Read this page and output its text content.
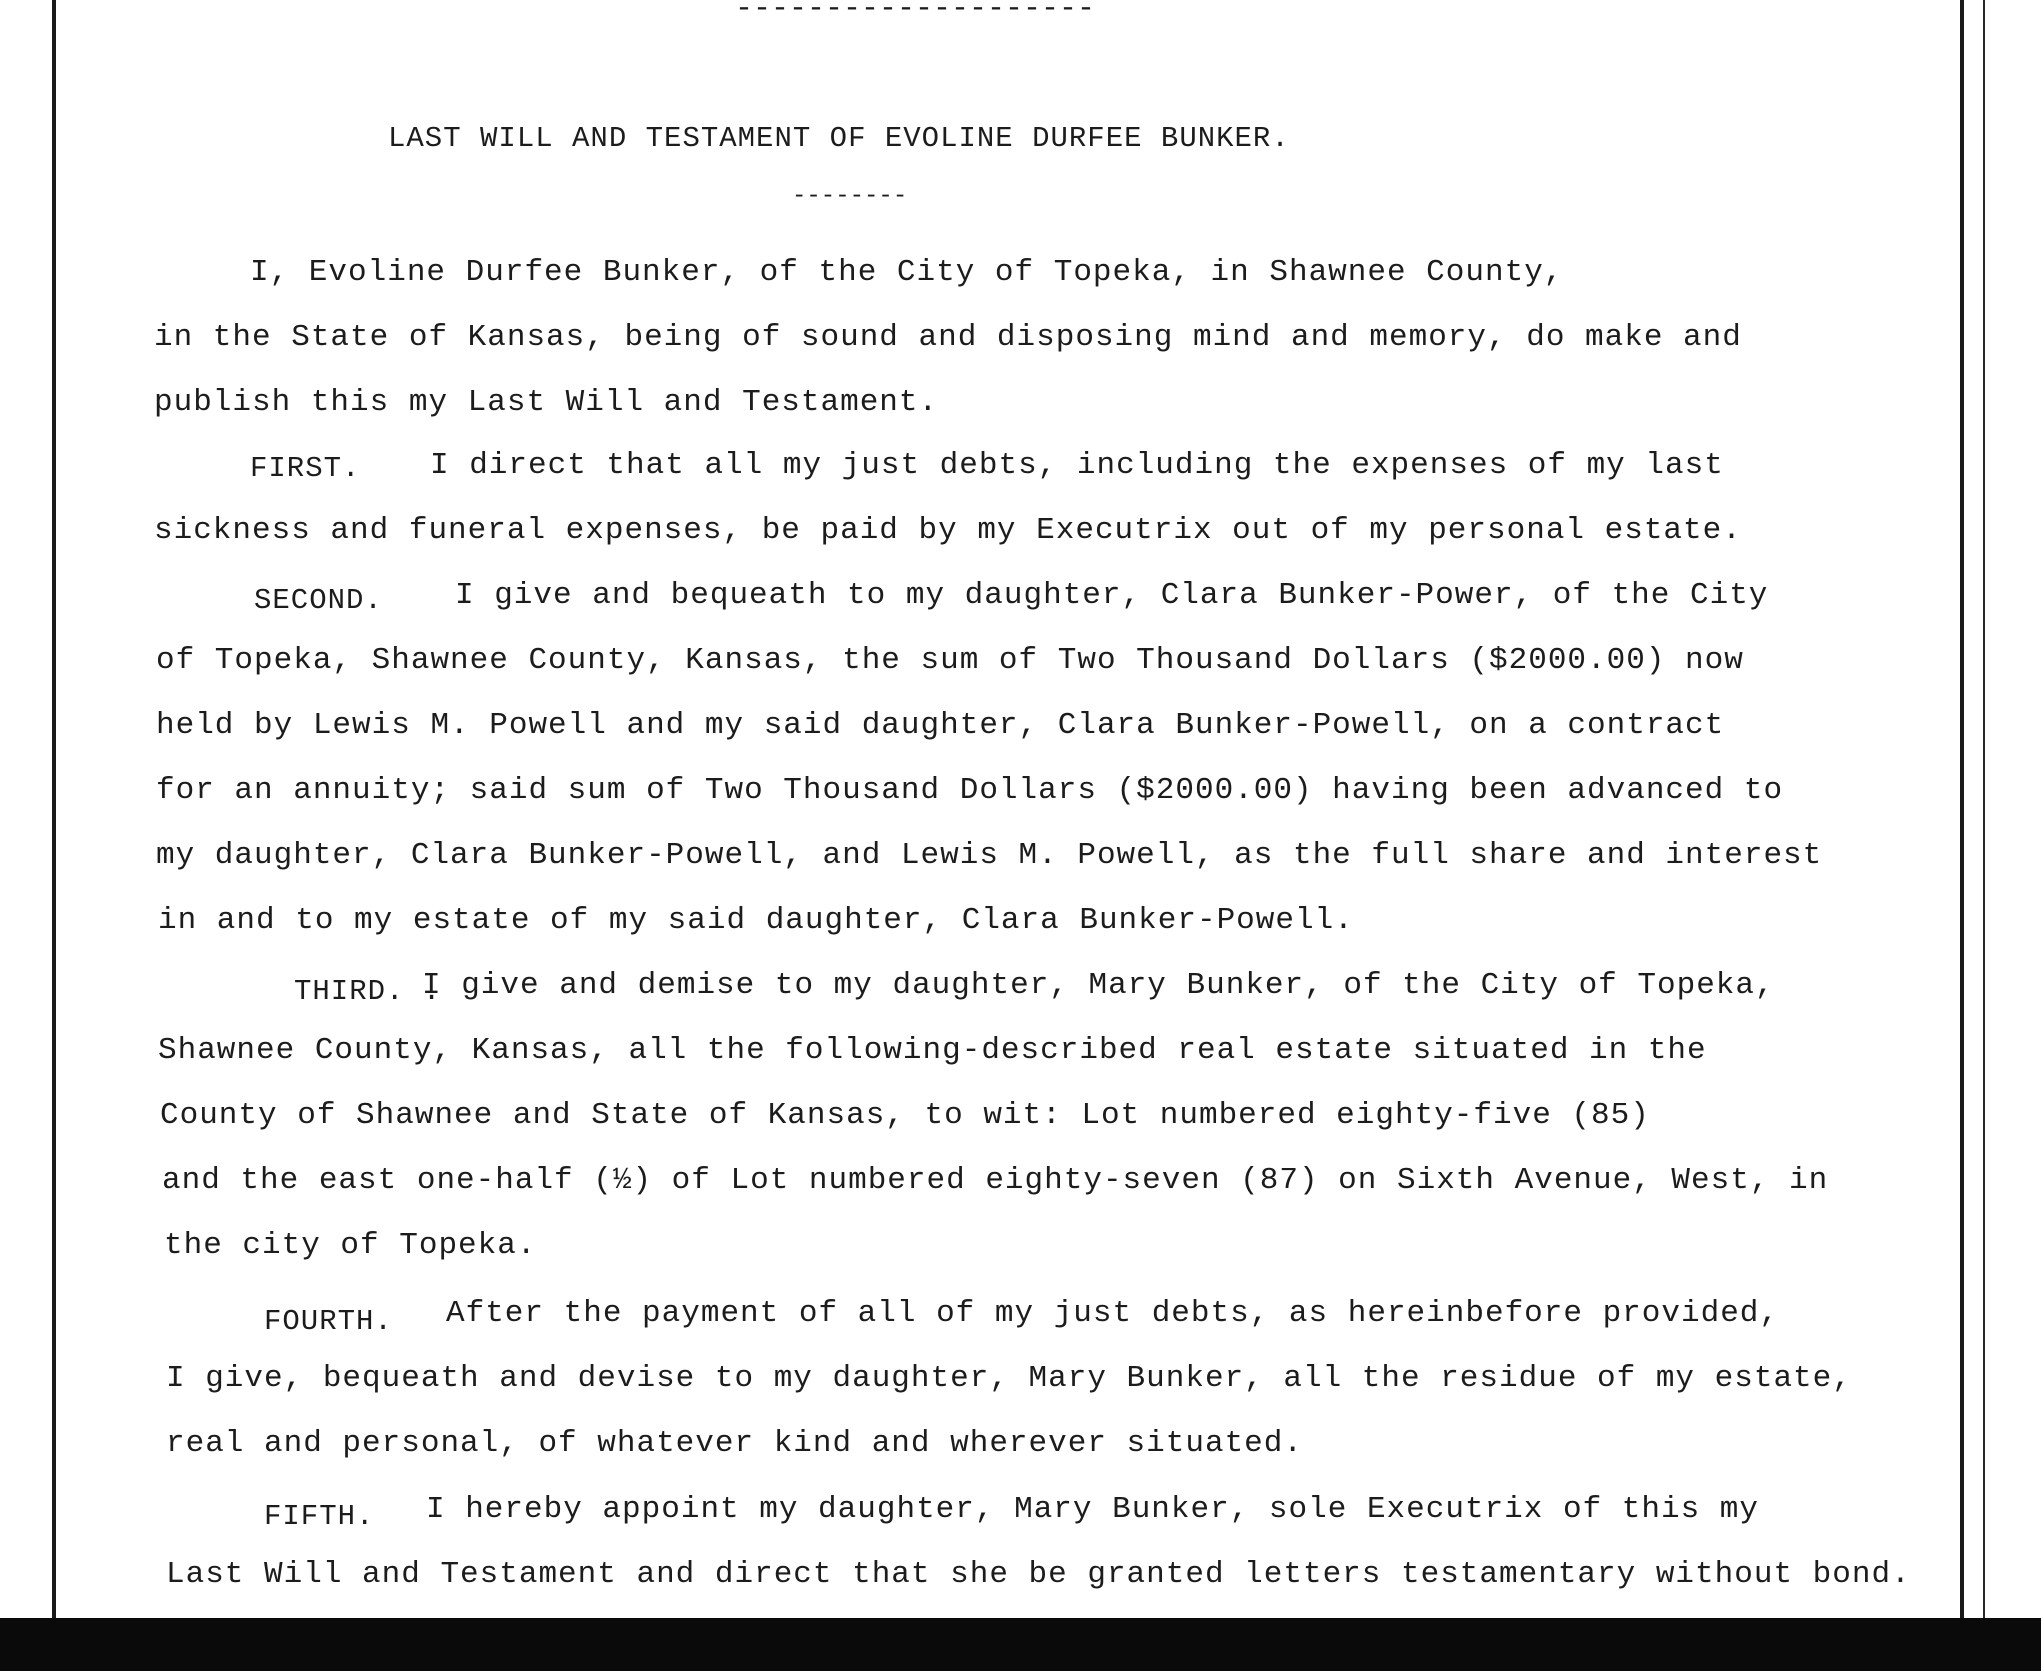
--------------------

LAST WILL AND TESTAMENT OF EVOLINE DURFEE BUNKER.

--------

I, Evoline Durfee Bunker, of the City of Topeka, in Shawnee County,

in the State of Kansas, being of sound and disposing mind and memory, do make and

publish this my Last Will and Testament.

FIRST. I direct that all my just debts, including the expenses of my last

sickness and funeral expenses, be paid by my Executrix out of my personal estate.

SECOND. I give and bequeath to my daughter, Clara Bunker-Power, of the City

of Topeka, Shawnee County, Kansas, the sum of Two Thousand Dollars ($2000.00) now

held by Lewis M. Powell and my said daughter, Clara Bunker-Powell, on a contract

for an annuity; said sum of Two Thousand Dollars ($2000.00) having been advanced to

my daughter, Clara Bunker-Powell, and Lewis M. Powell, as the full share and interest

in and to my estate of my said daughter, Clara Bunker-Powell.

THIRD. .

I give and demise to my daughter, Mary Bunker, of the City of Topeka,

Shawnee County, Kansas, all the following-described real estate situated in the

County of Shawnee and State of Kansas, to wit: Lot numbered eighty-five (85)

and the east one-half (½) of Lot numbered eighty-seven (87) on Sixth Avenue, West, in

the city of Topeka.

FOURTH. After the payment of all of my just debts, as hereinbefore provided,

I give, bequeath and devise to my daughter, Mary Bunker, all the residue of my estate,

real and personal, of whatever kind and wherever situated.

FIFTH. I hereby appoint my daughter, Mary Bunker, sole Executrix of this my

Last Will and Testament and direct that she be granted letters testamentary without bond.
